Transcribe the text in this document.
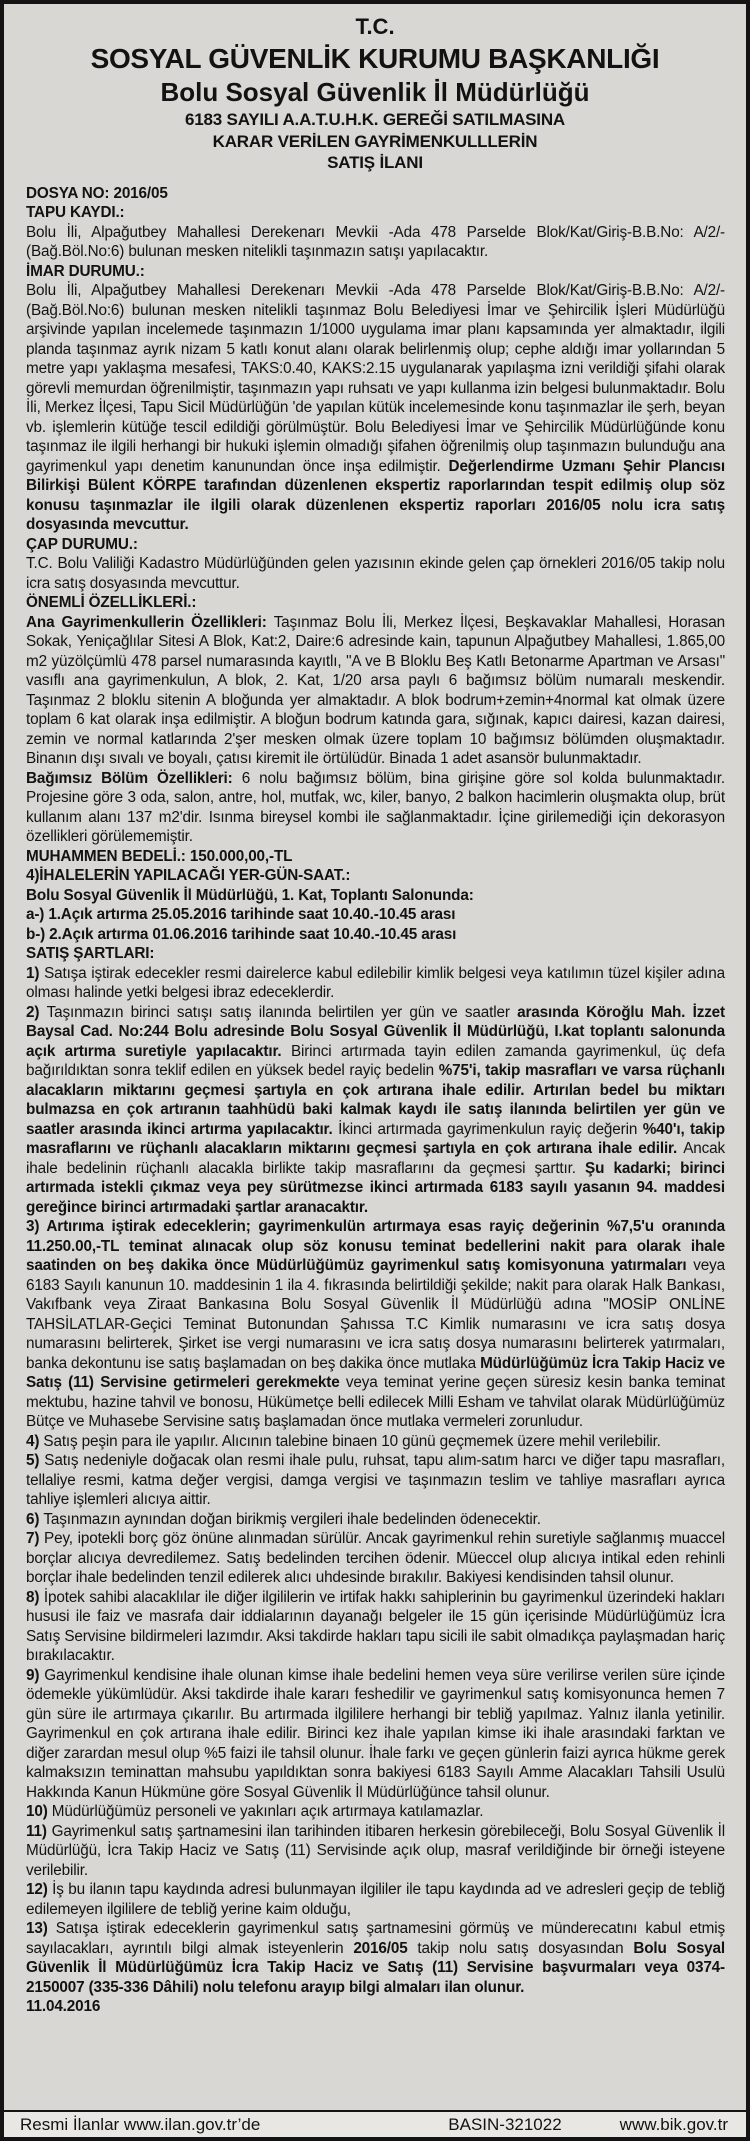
T.C.
SOSYAL GÜVENLİK KURUMU BAŞKANLIĞI
Bolu Sosyal Güvenlik İl Müdürlüğü
6183 SAYILI A.A.T.U.H.K. GEREĞİ SATILMASINA
KARAR VERİLEN GAYRİMENKULLLERİN
SATIŞ İLANI

DOSYA NO: 2016/05

TAPU KAYDI.:

Bolu İli, Alpağutbey Mahallesi Derekenarı Mevkii -Ada 478 Parselde Blok/Kat/Giriş-B.B.No: A/2/-(Bağ.Böl.No:6) bulunan mesken nitelikli taşınmazın satışı yapılacaktır.

İMAR DURUMU.:

Bolu İli, Alpağutbey Mahallesi Derekenarı Mevkii -Ada 478 Parselde Blok/Kat/Giriş-B.B.No: A/2/-(Bağ.Böl.No:6) bulunan mesken nitelikli taşınmaz Bolu Belediyesi İmar ve Şehircilik İşleri Müdürlüğü arşivinde yapılan incelemede taşınmazın 1/1000 uygulama imar planı kapsamında yer almaktadır, ilgili planda taşınmaz ayrık nizam 5 katlı konut alanı olarak belirlenmiş olup; cephe aldığı imar yollarından 5 metre yapı yaklaşma mesafesi, TAKS:0.40, KAKS:2.15 uygulanarak yapılaşma izni verildiği şifahi olarak görevli memurdan öğrenilmiştir, taşınmazın yapı ruhsatı ve yapı kullanma izin belgesi bulunmaktadır. Bolu İli, Merkez İlçesi, Tapu Sicil Müdürlüğün 'de yapılan kütük incelemesinde konu taşınmazlar ile şerh, beyan vb. işlemlerin kütüğe tescil edildiği görülmüştür. Bolu Belediyesi İmar ve Şehircilik Müdürlüğünde konu taşınmaz ile ilgili herhangi bir hukuki işlemin olmadığı şifahen öğrenilmiş olup taşınmazın bulunduğu ana gayrimenkul yapı denetim kanunundan önce inşa edilmiştir. Değerlendirme Uzmanı Şehir Plancısı Bilirkişi Bülent KÖRPE tarafından düzenlenen ekspertiz raporlarından tespit edilmiş olup söz konusu taşınmazlar ile ilgili olarak düzenlenen ekspertiz raporları 2016/05 nolu icra satış dosyasında mevcuttur.

ÇAP DURUMU.:

T.C. Bolu Valiliği Kadastro Müdürlüğünden gelen yazısının ekinde gelen çap örnekleri 2016/05 takip nolu icra satış dosyasında mevcuttur.

ÖNEMLİ ÖZELLİKLERİ.:

Ana Gayrimenkullerin Özellikleri: Taşınmaz Bolu İli, Merkez İlçesi, Beşkavaklar Mahallesi, Horasan Sokak, Yeniçağlılar Sitesi A Blok, Kat:2, Daire:6 adresinde kain, tapunun Alpağutbey Mahallesi, 1.865,00 m2 yüzölçümlü 478 parsel numarasında kayıtlı, "A ve B Bloklu Beş Katlı Betonarme Apartman ve Arsası" vasıflı ana gayrimenkulun, A blok, 2. Kat, 1/20 arsa paylı 6 bağımsız bölüm numaralı meskendir. Taşınmaz 2 bloklu sitenin A bloğunda yer almaktadır. A blok bodrum+zemin+4normal kat olmak üzere toplam 6 kat olarak inşa edilmiştir. A bloğun bodrum katında gara, sığınak, kapıcı dairesi, kazan dairesi, zemin ve normal katlarında 2'şer mesken olmak üzere toplam 10 bağımsız bölümden oluşmaktadır. Binanın dışı sıvalı ve boyalı, çatısı kiremit ile örtülüdür. Binada 1 adet asansör bulunmaktadır.

Bağımsız Bölüm Özellikleri: 6 nolu bağımsız bölüm, bina girişine göre sol kolda bulunmaktadır. Projesine göre 3 oda, salon, antre, hol, mutfak, wc, kiler, banyo, 2 balkon hacimlerin oluşmakta olup, brüt kullanım alanı 137 m2'dir. Isınma bireysel kombi ile sağlanmaktadır. İçine girilemediği için dekorasyon özellikleri görülememiştir.

MUHAMMEN BEDELİ.: 150.000,00,-TL

4)İHALELERİN YAPILACAĞI YER-GÜN-SAAT.:

Bolu Sosyal Güvenlik İl Müdürlüğü, 1. Kat, Toplantı Salonunda:

a-) 1.Açık artırma 25.05.2016 tarihinde saat 10.40.-10.45 arası

b-) 2.Açık artırma 01.06.2016 tarihinde saat 10.40.-10.45 arası

SATIŞ ŞARTLARI:

1) Satışa iştirak edecekler resmi dairelerce kabul edilebilir kimlik belgesi veya katılımın tüzel kişiler adına olması halinde yetki belgesi ibraz edeceklerdir.

2) Taşınmazın birinci satışı satış ilanında belirtilen yer gün ve saatler arasında Köroğlu Mah. İzzet Baysal Cad. No:244 Bolu adresinde Bolu Sosyal Güvenlik İl Müdürlüğü, I.kat toplantı salonunda açık artırma suretiyle yapılacaktır. Birinci artırmada tayin edilen zamanda gayrimenkul, üç defa bağırıldıktan sonra teklif edilen en yüksek bedel rayiç bedelin %75'i, takip masrafları ve varsa rüçhanlı alacakların miktarını geçmesi şartıyla en çok artırana ihale edilir. Artırılan bedel bu miktarı bulmazsa en çok artıranın taahhüdü baki kalmak kaydı ile satış ilanında belirtilen yer gün ve saatler arasında ikinci artırma yapılacaktır. İkinci artırmada gayrimenkulun rayiç değerin %40'ı, takip masraflarını ve rüçhanlı alacakların miktarını geçmesi şartıyla en çok artırana ihale edilir. Ancak ihale bedelinin rüçhanlı alacakla birlikte takip masraflarını da geçmesi şarttır. Şu kadarki; birinci artırmada istekli çıkmaz veya pey sürütmezse ikinci artırmada 6183 sayılı yasanın 94. maddesi gereğince birinci artırmadaki şartlar aranacaktır.

3) Artırıma iştirak edeceklerin; gayrimenkulün artırmaya esas rayiç değerinin %7,5'u oranında 11.250.00,-TL teminat alınacak olup söz konusu teminat bedellerini nakit para olarak ihale saatinden on beş dakika önce Müdürlüğümüz gayrimenkul satış komisyonuna yatırmaları veya 6183 Sayılı kanunun 10. maddesinin 1 ila 4. fıkrasında belirtildiği şekilde; nakit para olarak Halk Bankası, Vakıfbank veya Ziraat Bankasına Bolu Sosyal Güvenlik İl Müdürlüğü adına "MOSİP ONLİNE TAHSİLATLAR-Geçici Teminat Butonundan Şahıssa T.C Kimlik numarasını ve icra satış dosya numarasını belirterek, Şirket ise vergi numarasını ve icra satış dosya numarasını belirterek yatırmaları, banka dekontunu ise satış başlamadan on beş dakika önce mutlaka Müdürlüğümüz İcra Takip Haciz ve Satış (11) Servisine getirmeleri gerekmekte veya teminat yerine geçen süresiz kesin banka teminat mektubu, hazine tahvil ve bonosu, Hükümetçe belli edilecek Milli Esham ve tahvilat olarak Müdürlüğümüz Bütçe ve Muhasebe Servisine satış başlamadan önce mutlaka vermeleri zorunludur.

4) Satış peşin para ile yapılır. Alıcının talebine binaen 10 günü geçmemek üzere mehil verilebilir.

5) Satış nedeniyle doğacak olan resmi ihale pulu, ruhsat, tapu alım-satım harcı ve diğer tapu masrafları, tellaliye resmi, katma değer vergisi, damga vergisi ve taşınmazın teslim ve tahliye masrafları ayrıca tahliye işlemleri alıcıya aittir.

6) Taşınmazın aynından doğan birikmiş vergileri ihale bedelinden ödenecektir.

7) Pey, ipotekli borç göz önüne alınmadan sürülür. Ancak gayrimenkul rehin suretiyle sağlanmış muaccel borçlar alıcıya devredilemez. Satış bedelinden tercihen ödenir. Müeccel olup alıcıya intikal eden rehinli borçlar ihale bedelinden tenzil edilerek alıcı uhdesinde bırakılır. Bakiyesi kendisinden tahsil olunur.

8) İpotek sahibi alacaklılar ile diğer ilgililerin ve irtifak hakkı sahiplerinin bu gayrimenkul üzerindeki hakları hususi ile faiz ve masrafa dair iddialarının dayanağı belgeler ile 15 gün içerisinde Müdürlüğümüz İcra Satış Servisine bildirmeleri lazımdır. Aksi takdirde hakları tapu sicili ile sabit olmadıkça paylaşmadan hariç bırakılacaktır.

9) Gayrimenkul kendisine ihale olunan kimse ihale bedelini hemen veya süre verilirse verilen süre içinde ödemekle yükümlüdür. Aksi takdirde ihale kararı feshedilir ve gayrimenkul satış komisyonunca hemen 7 gün süre ile artırmaya çıkarılır. Bu artırmada ilgililere herhangi bir tebliğ yapılmaz. Yalnız ilanla yetinilir. Gayrimenkul en çok artırana ihale edilir. Birinci kez ihale yapılan kimse iki ihale arasındaki farktan ve diğer zarardan mesul olup %5 faizi ile tahsil olunur. İhale farkı ve geçen günlerin faizi ayrıca hükme gerek kalmaksızın teminattan mahsubu yapıldıktan sonra bakiyesi 6183 Sayılı Amme Alacakları Tahsili Usulü Hakkında Kanun Hükmüne göre Sosyal Güvenlik İl Müdürlüğünce tahsil olunur.

10) Müdürlüğümüz personeli ve yakınları açık artırmaya katılamazlar.

11) Gayrimenkul satış şartnamesini ilan tarihinden itibaren herkesin görebileceği, Bolu Sosyal Güvenlik İl Müdürlüğü, İcra Takip Haciz ve Satış (11) Servisinde açık olup, masraf verildiğinde bir örneği isteyene verilebilir.

12) İş bu ilanın tapu kaydında adresi bulunmayan ilgililer ile tapu kaydında ad ve adresleri geçip de tebliğ edilemeyen ilgililere de tebliğ yerine kaim olduğu,

13) Satışa iştirak edeceklerin gayrimenkul satış şartnamesini görmüş ve münderecatını kabul etmiş sayılacakları, ayrıntılı bilgi almak isteyenlerin 2016/05 takip nolu satış dosyasından Bolu Sosyal Güvenlik İl Müdürlüğümüz İcra Takip Haciz ve Satış (11) Servisine başvurmaları veya 0374-2150007 (335-336 Dâhili) nolu telefonu arayıp bilgi almaları ilan olunur.

11.04.2016

Resmi İlanlar www.ilan.gov.tr’de	BASIN-321022	www.bik.gov.tr
